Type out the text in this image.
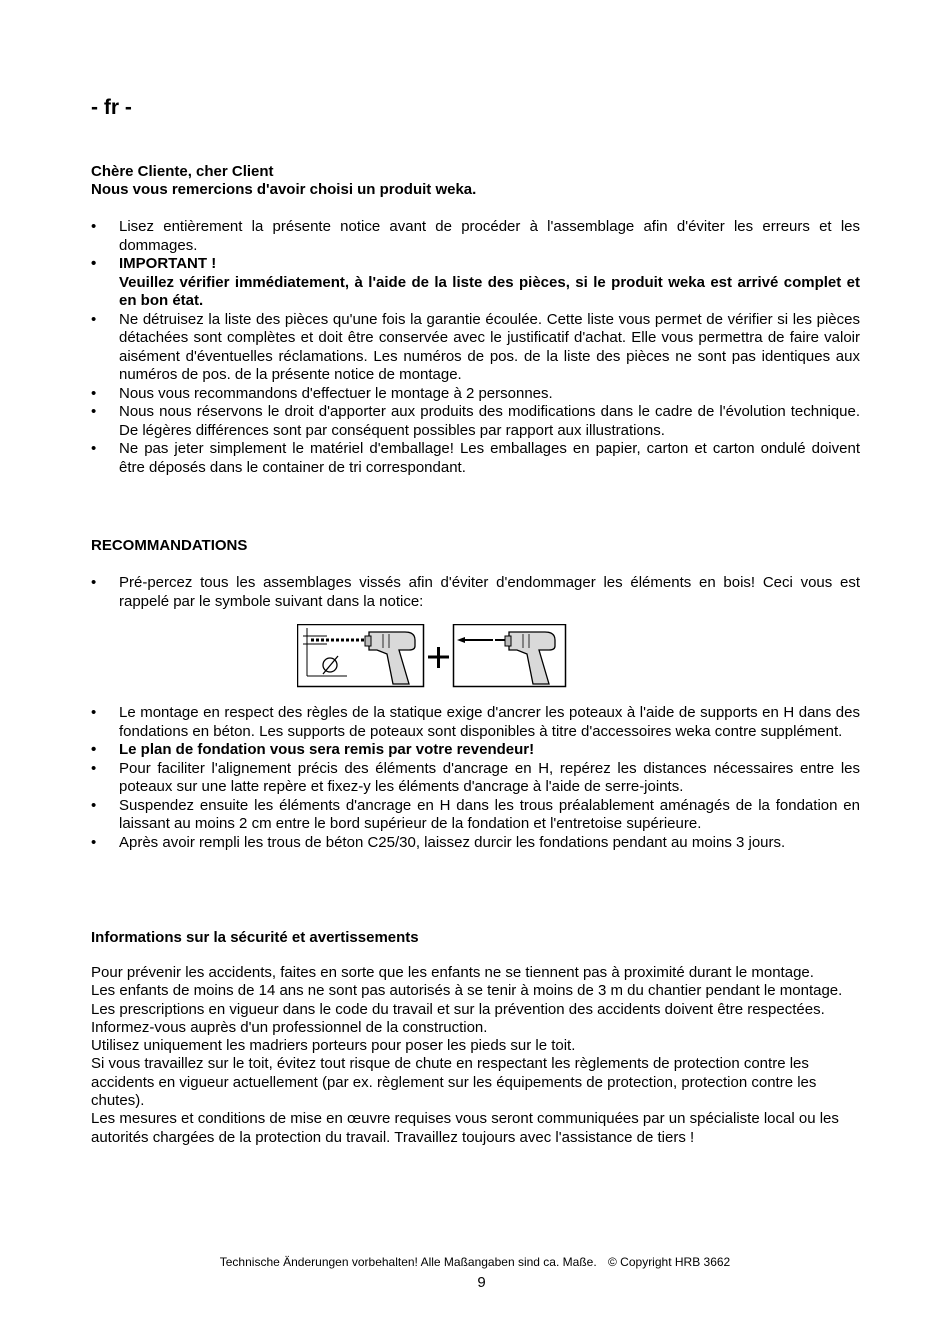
- fr -
Chère Cliente, cher Client
Nous vous remercions d'avoir choisi un produit weka.
• Lisez entièrement la présente notice avant de procéder à l'assemblage afin d'éviter les erreurs et les dommages.
• IMPORTANT !
Veuillez vérifier immédiatement, à l'aide de la liste des pièces, si le produit weka est arrivé complet et en bon état.
• Ne détruisez la liste des pièces qu'une fois la garantie écoulée. Cette liste vous permet de vérifier si les pièces détachées sont complètes et doit être conservée avec le justificatif d'achat. Elle vous permettra de faire valoir aisément d'éventuelles réclamations. Les numéros de pos. de la liste des pièces ne sont pas identiques aux numéros de pos. de la présente notice de montage.
• Nous vous recommandons d'effectuer le montage à 2 personnes.
• Nous nous réservons le droit d'apporter aux produits des modifications dans le cadre de l'évolution technique. De légères différences sont par conséquent possibles par rapport aux illustrations.
• Ne pas jeter simplement le matériel d'emballage! Les emballages en papier, carton et carton ondulé doivent être déposés dans le container de tri correspondant.
RECOMMANDATIONS
• Pré-percez tous les assemblages vissés afin d'éviter d'endommager les éléments en bois! Ceci vous est rappelé par le symbole suivant dans la notice:
• Le montage en respect des règles de la statique exige d'ancrer les poteaux à l'aide de supports en H dans des fondations en béton. Les supports de poteaux sont disponibles à titre d'accessoires weka contre supplément.
• Le plan de fondation vous sera remis par votre revendeur!
• Pour faciliter l'alignement précis des éléments d'ancrage en H, repérez les distances nécessaires entre les poteaux sur une latte repère et fixez-y les éléments d'ancrage à l'aide de serre-joints.
• Suspendez ensuite les éléments d'ancrage en H dans les trous préalablement aménagés de la fondation en laissant au moins 2 cm entre le bord supérieur de la fondation et l'entretoise supérieure.
• Après avoir rempli les trous de béton C25/30, laissez durcir les fondations pendant au moins 3 jours.
Informations sur la sécurité et avertissements

Pour prévenir les accidents, faites en sorte que les enfants ne se tiennent pas à proximité durant le montage.

Les enfants de moins de 14 ans ne sont pas autorisés à se tenir à moins de 3 m du chantier pendant le montage.

Les prescriptions en vigueur dans le code du travail et sur la prévention des accidents doivent être respectées. Informez-vous auprès d'un professionnel de la construction.

Utilisez uniquement les madriers porteurs pour poser les pieds sur le toit.

Si vous travaillez sur le toit, évitez tout risque de chute en respectant les règlements de protection contre les accidents en vigueur actuellement (par ex. règlement sur les équipements de protection, protection contre les chutes).

Les mesures et conditions de mise en œuvre requises vous seront communiquées par un spécialiste local ou les autorités chargées de la protection du travail. Travaillez toujours avec l'assistance de tiers !

Technische Änderungen vorbehalten! Alle Maßangaben sind ca. Maße. © Copyright HRB 3662
9
